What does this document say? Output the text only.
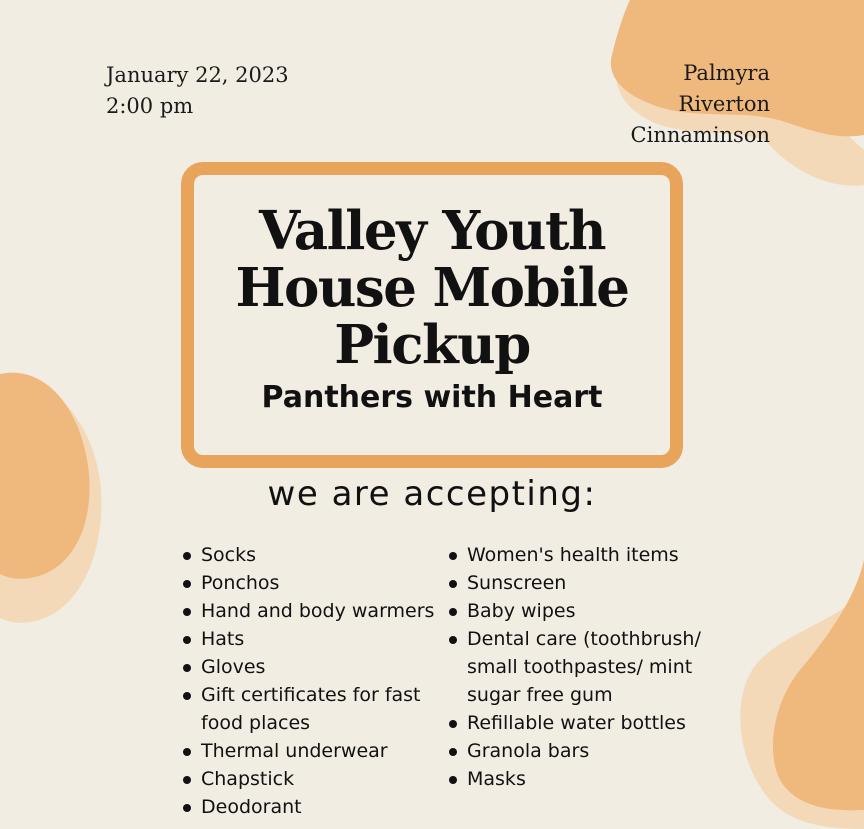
January 22, 2023
2:00 pm
Palmyra
Riverton
Cinnaminson
Valley Youth
House Mobile
Pickup
Panthers with Heart
we are accepting:
Socks
Ponchos
Hand and body warmers
Hats
Gloves
Gift certificates for fast food places
Thermal underwear
Chapstick
Deodorant
Women's health items
Sunscreen
Baby wipes
Dental care (toothbrush/ small toothpastes/ mint sugar free gum
Refillable water bottles
Granola bars
Masks
